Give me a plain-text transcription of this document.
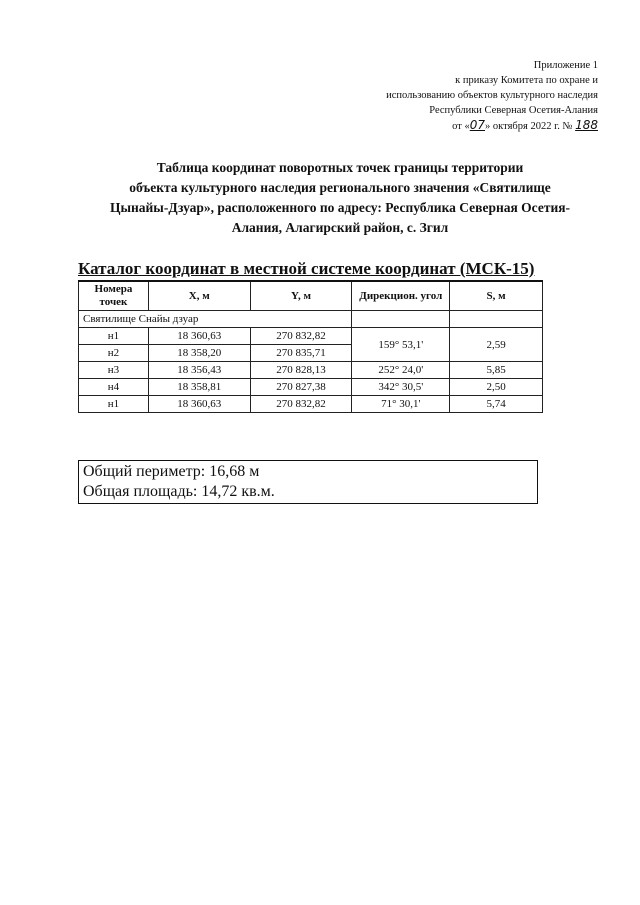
Приложение 1
к приказу Комитета по охране и
использованию объектов культурного наследия
Республики Северная Осетия-Алания
от «07» октября 2022 г. № 188
Таблица координат поворотных точек границы территории
объекта культурного наследия регионального значения «Святилище
Цынайы-Дзуар», расположенного по адресу: Республика Северная Осетия-
Алания, Алагирский район, с. Згил
Каталог координат в местной системе координат (МСК-15)
Номера точек	X, м	Y, м	Дирекцион. угол	S, м
Святилище Снайы дзуар				
н1	18 360,63	270 832,82	159° 53,1'	2,59
н2	18 358,20	270 835,71		
н3	18 356,43	270 828,13	252° 24,0'	5,85
н4	18 358,81	270 827,38	342° 30,5'	2,50
н1	18 360,63	270 832,82	71° 30,1'	5,74
Общий периметр: 16,68 м
Общая площадь: 14,72 кв.м.
